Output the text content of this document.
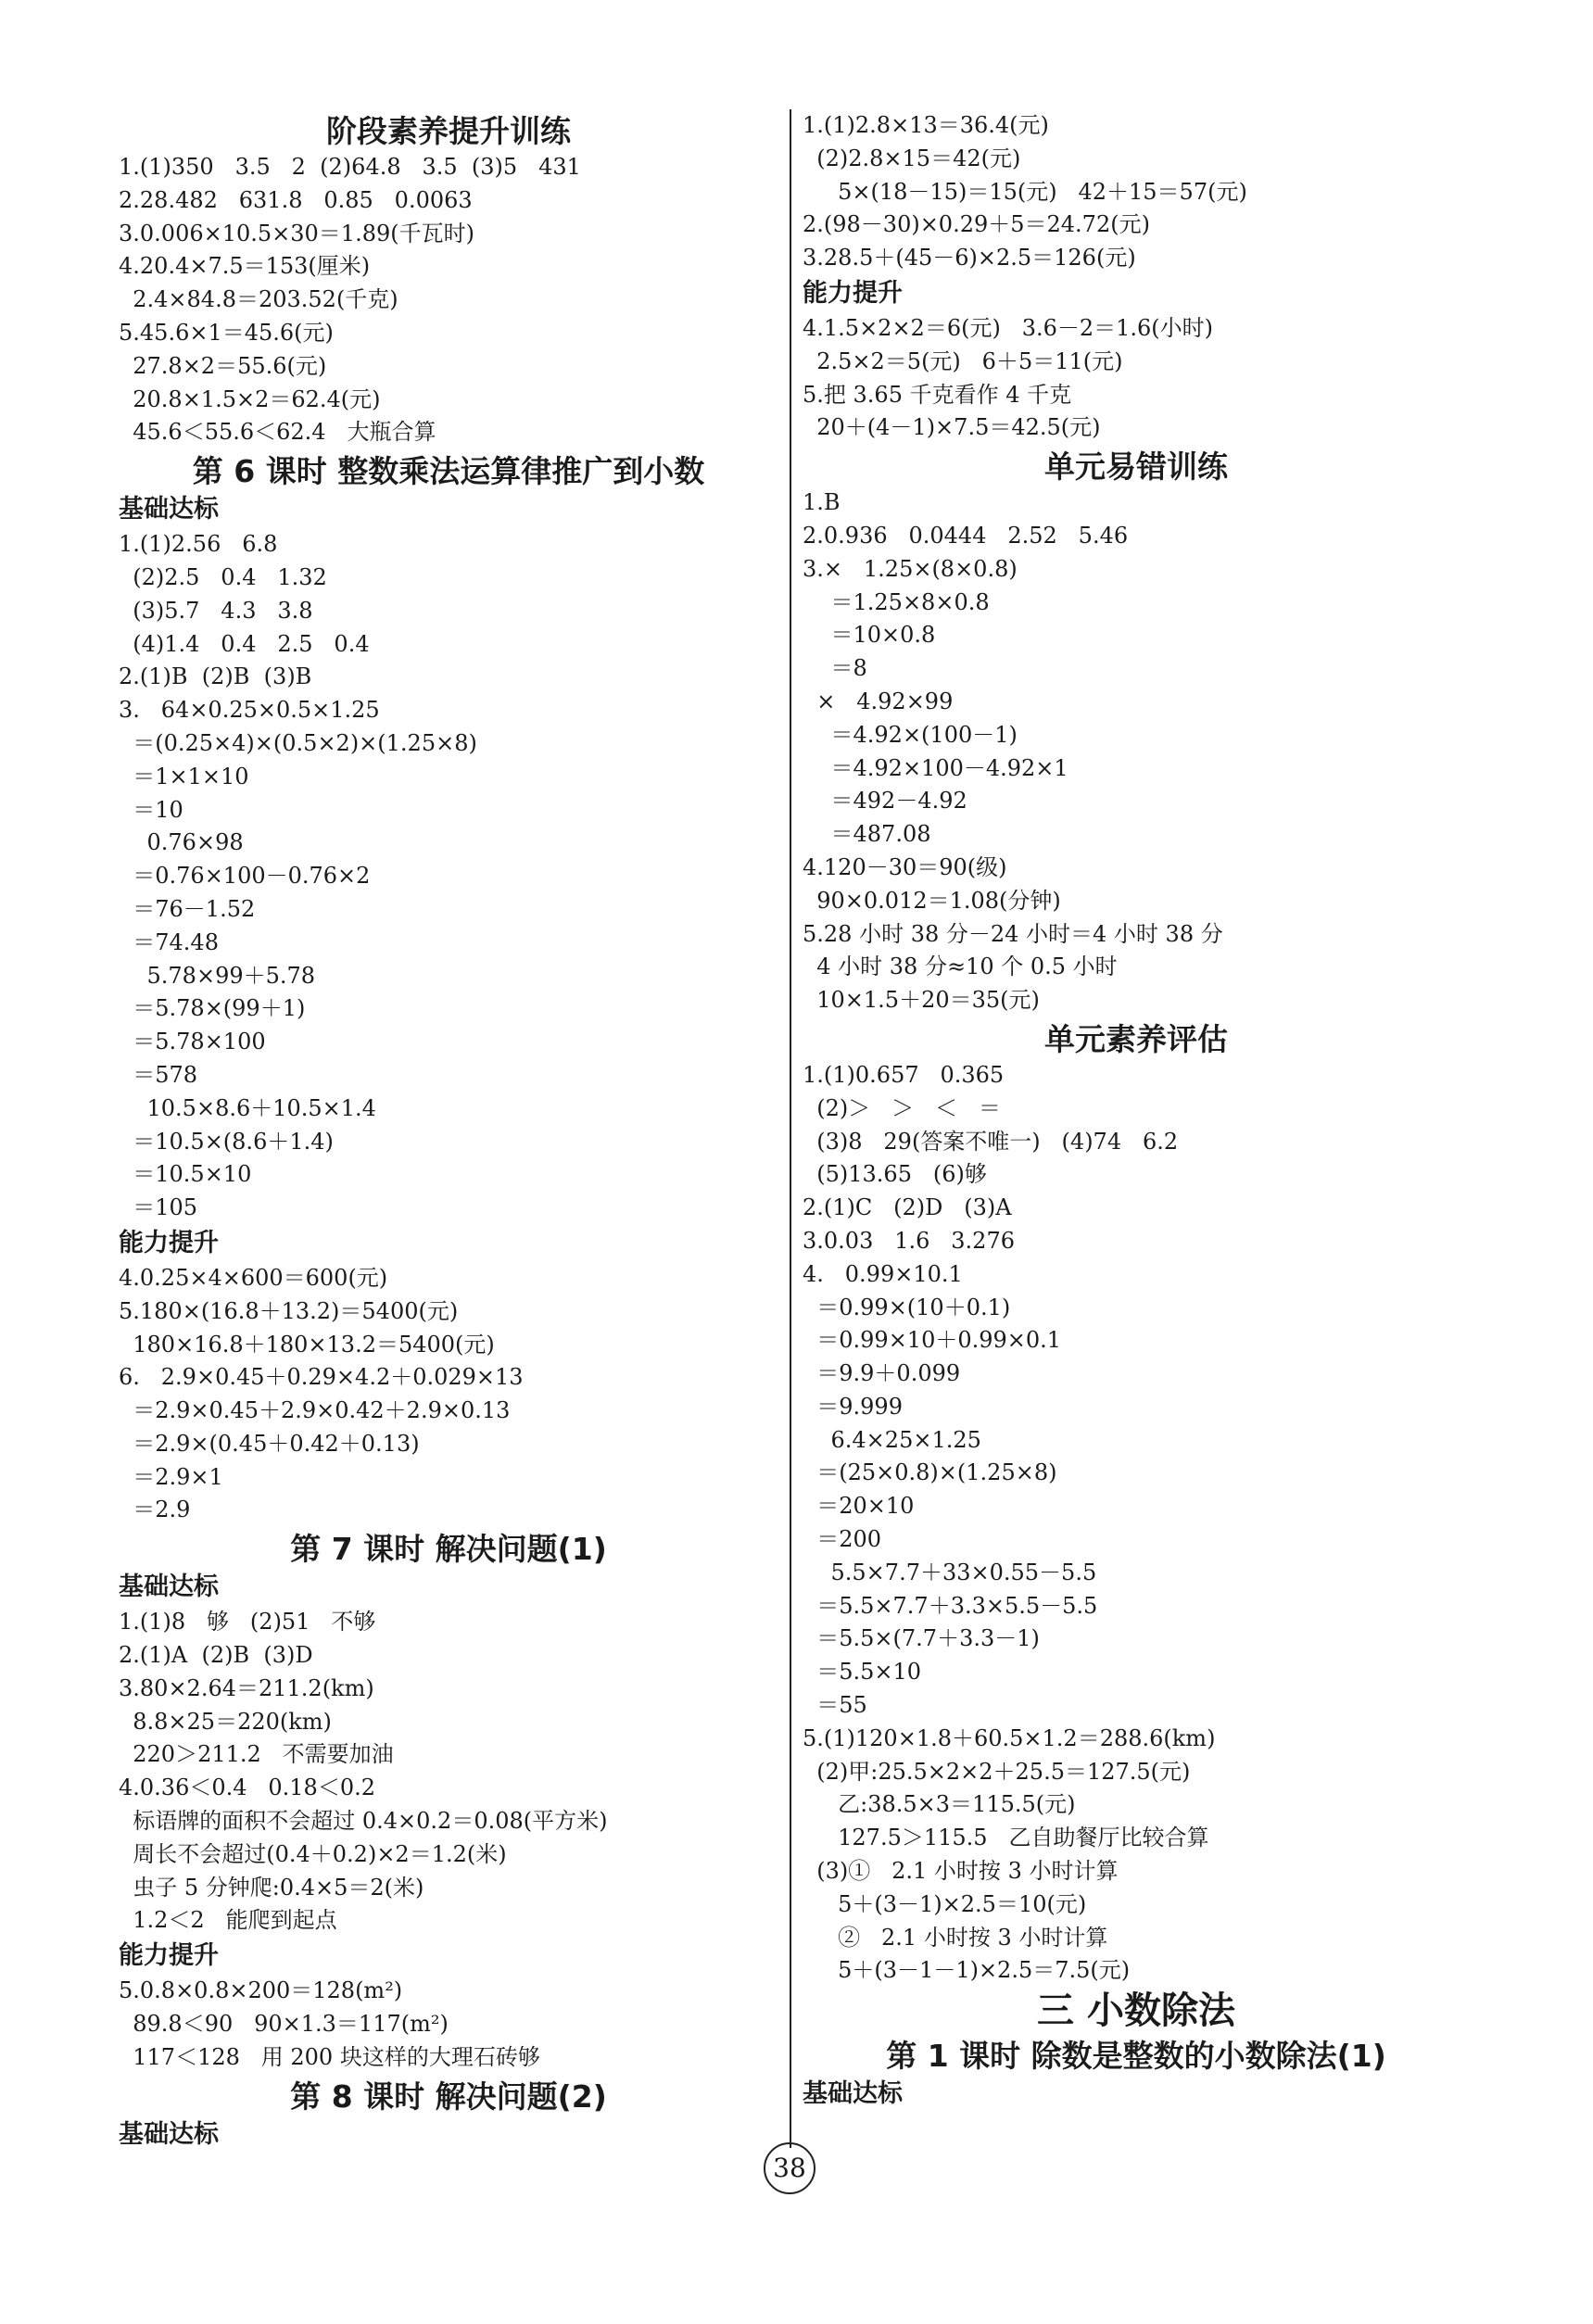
阶段素养提升训练
1.(1)350   3.5   2  (2)64.8   3.5  (3)5   431
2.28.482   631.8   0.85   0.0063
3.0.006×10.5×30＝1.89(千瓦时)
4.20.4×7.5＝153(厘米)
2.4×84.8＝203.52(千克)
5.45.6×1＝45.6(元)
27.8×2＝55.6(元)
20.8×1.5×2＝62.4(元)
45.6＜55.6＜62.4   大瓶合算
第 6 课时 整数乘法运算律推广到小数
基础达标
1.(1)2.56   6.8
(2)2.5   0.4   1.32
(3)5.7   4.3   3.8
(4)1.4   0.4   2.5   0.4
2.(1)B  (2)B  (3)B
3.   64×0.25×0.5×1.25
＝(0.25×4)×(0.5×2)×(1.25×8)
＝1×1×10
＝10
0.76×98
＝0.76×100－0.76×2
＝76－1.52
＝74.48
5.78×99＋5.78
＝5.78×(99＋1)
＝5.78×100
＝578
10.5×8.6＋10.5×1.4
＝10.5×(8.6＋1.4)
＝10.5×10
＝105
能力提升
4.0.25×4×600＝600(元)
5.180×(16.8＋13.2)＝5400(元)
180×16.8＋180×13.2＝5400(元)
6.   2.9×0.45＋0.29×4.2＋0.029×13
＝2.9×0.45＋2.9×0.42＋2.9×0.13
＝2.9×(0.45＋0.42＋0.13)
＝2.9×1
＝2.9
第 7 课时 解决问题(1)
基础达标
1.(1)8   够   (2)51   不够
2.(1)A  (2)B  (3)D
3.80×2.64＝211.2(km)
8.8×25＝220(km)
220＞211.2   不需要加油
4.0.36＜0.4   0.18＜0.2
标语牌的面积不会超过 0.4×0.2＝0.08(平方米)
周长不会超过(0.4＋0.2)×2＝1.2(米)
虫子 5 分钟爬:0.4×5＝2(米)
1.2＜2   能爬到起点
能力提升
5.0.8×0.8×200＝128(m²)
89.8＜90   90×1.3＝117(m²)
117＜128   用 200 块这样的大理石砖够
第 8 课时 解决问题(2)
基础达标
1.(1)2.8×13＝36.4(元)
(2)2.8×15＝42(元)
5×(18－15)＝15(元)   42＋15＝57(元)
2.(98－30)×0.29＋5＝24.72(元)
3.28.5＋(45－6)×2.5＝126(元)
能力提升
4.1.5×2×2＝6(元)   3.6－2＝1.6(小时)
2.5×2＝5(元)   6＋5＝11(元)
5.把 3.65 千克看作 4 千克
20＋(4－1)×7.5＝42.5(元)
单元易错训练
1.B
2.0.936   0.0444   2.52   5.46
3.×   1.25×(8×0.8)
＝1.25×8×0.8
＝10×0.8
＝8
×   4.92×99
＝4.92×(100－1)
＝4.92×100－4.92×1
＝492－4.92
＝487.08
4.120－30＝90(级)
90×0.012＝1.08(分钟)
5.28 小时 38 分－24 小时＝4 小时 38 分
4 小时 38 分≈10 个 0.5 小时
10×1.5＋20＝35(元)
单元素养评估
1.(1)0.657   0.365
(2)＞   ＞   ＜   ＝
(3)8   29(答案不唯一)   (4)74   6.2
(5)13.65   (6)够
2.(1)C   (2)D   (3)A
3.0.03   1.6   3.276
4.   0.99×10.1
＝0.99×(10＋0.1)
＝0.99×10＋0.99×0.1
＝9.9＋0.099
＝9.999
6.4×25×1.25
＝(25×0.8)×(1.25×8)
＝20×10
＝200
5.5×7.7＋33×0.55－5.5
＝5.5×7.7＋3.3×5.5－5.5
＝5.5×(7.7＋3.3－1)
＝5.5×10
＝55
5.(1)120×1.8＋60.5×1.2＝288.6(km)
(2)甲:25.5×2×2＋25.5＝127.5(元)
乙:38.5×3＝115.5(元)
127.5＞115.5   乙自助餐厅比较合算
(3)①   2.1 小时按 3 小时计算
5＋(3－1)×2.5＝10(元)
②   2.1 小时按 3 小时计算
5＋(3－1－1)×2.5＝7.5(元)
三 小数除法
第 1 课时 除数是整数的小数除法(1)
基础达标
38
